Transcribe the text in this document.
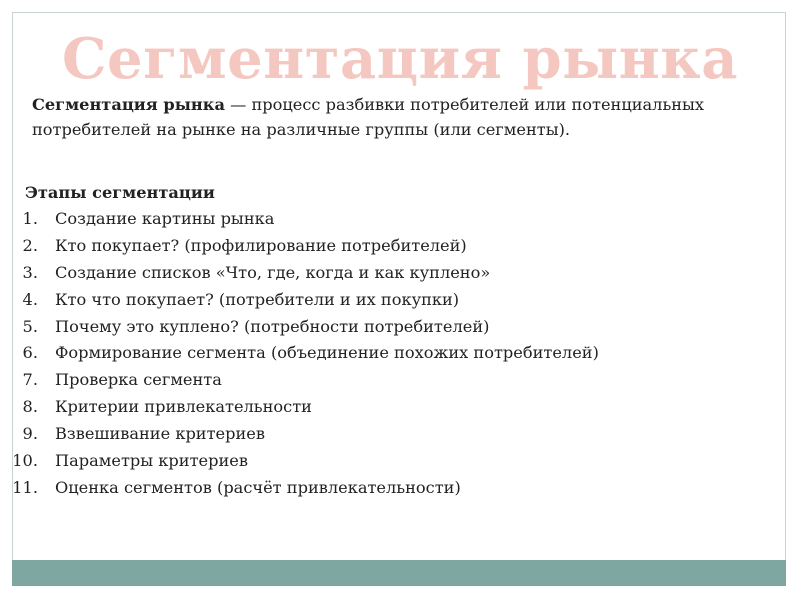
Сегментация рынка

Сегментация рынка — процесс разбивки потребителей или потенциальных потребителей на рынке на различные группы (или сегменты).

Этапы сегментации

1. Создание картины рынка
2. Кто покупает? (профилирование потребителей)
3. Создание списков «Что, где, когда и как куплено»
4. Кто что покупает? (потребители и их покупки)
5. Почему это куплено? (потребности потребителей)
6. Формирование сегмента (объединение похожих потребителей)
7. Проверка сегмента
8. Критерии привлекательности
9. Взвешивание критериев
10. Параметры критериев
11. Оценка сегментов (расчёт привлекательности)
